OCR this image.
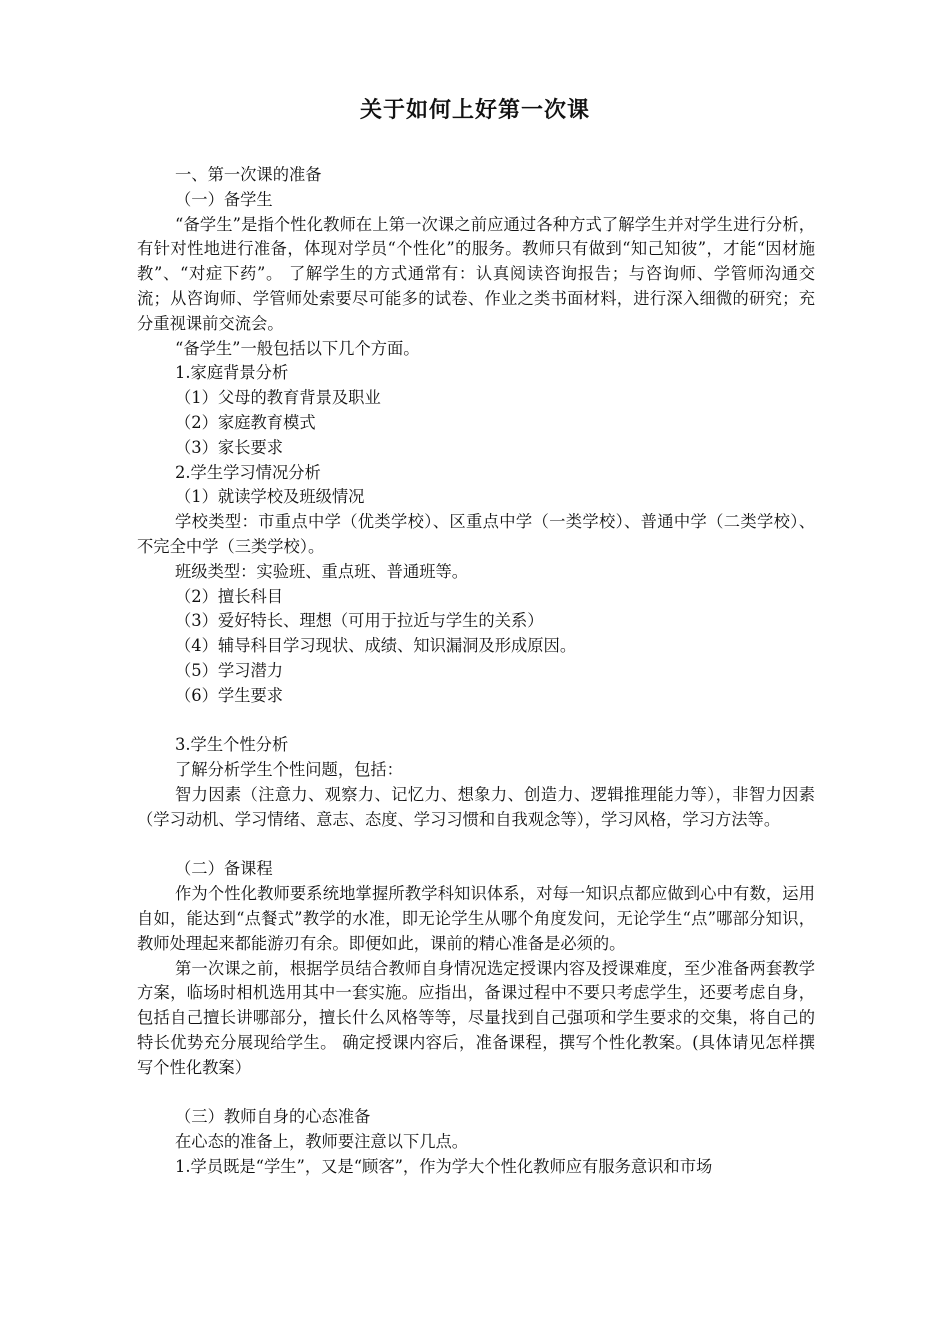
关于如何上好第一次课

一、第一次课的准备

（一）备学生

“备学生”是指个性化教师在上第一次课之前应通过各种方式了解学生并对学生进行分析，有针对性地进行准备，体现对学员“个性化”的服务。教师只有做到“知己知彼”，才能“因材施教”、“对症下药”。 了解学生的方式通常有：认真阅读咨询报告；与咨询师、学管师沟通交流；从咨询师、学管师处索要尽可能多的试卷、作业之类书面材料，进行深入细微的研究；充分重视课前交流会。

“备学生”一般包括以下几个方面。

1.家庭背景分析

（1）父母的教育背景及职业

（2）家庭教育模式

（3）家长要求

2.学生学习情况分析

（1）就读学校及班级情况

学校类型：市重点中学（优类学校）、区重点中学（一类学校）、普通中学（二类学校）、不完全中学（三类学校）。

班级类型：实验班、重点班、普通班等。

（2）擅长科目

（3）爱好特长、理想（可用于拉近与学生的关系）

（4）辅导科目学习现状、成绩、知识漏洞及形成原因。

（5）学习潜力

（6）学生要求

3.学生个性分析

了解分析学生个性问题，包括：

智力因素（注意力、观察力、记忆力、想象力、创造力、逻辑推理能力等），非智力因素（学习动机、学习情绪、意志、态度、学习习惯和自我观念等），学习风格，学习方法等。

（二）备课程

作为个性化教师要系统地掌握所教学科知识体系，对每一知识点都应做到心中有数，运用自如，能达到“点餐式”教学的水准，即无论学生从哪个角度发问，无论学生“点”哪部分知识，教师处理起来都能游刃有余。即便如此，课前的精心准备是必须的。

第一次课之前，根据学员结合教师自身情况选定授课内容及授课难度，至少准备两套教学方案，临场时相机选用其中一套实施。应指出，备课过程中不要只考虑学生，还要考虑自身，包括自己擅长讲哪部分，擅长什么风格等等，尽量找到自己强项和学生要求的交集，将自己的特长优势充分展现给学生。 确定授课内容后，准备课程，撰写个性化教案。(具体请见怎样撰写个性化教案）

（三）教师自身的心态准备

在心态的准备上，教师要注意以下几点。

1.学员既是“学生”，又是“顾客”，作为学大个性化教师应有服务意识和市场
